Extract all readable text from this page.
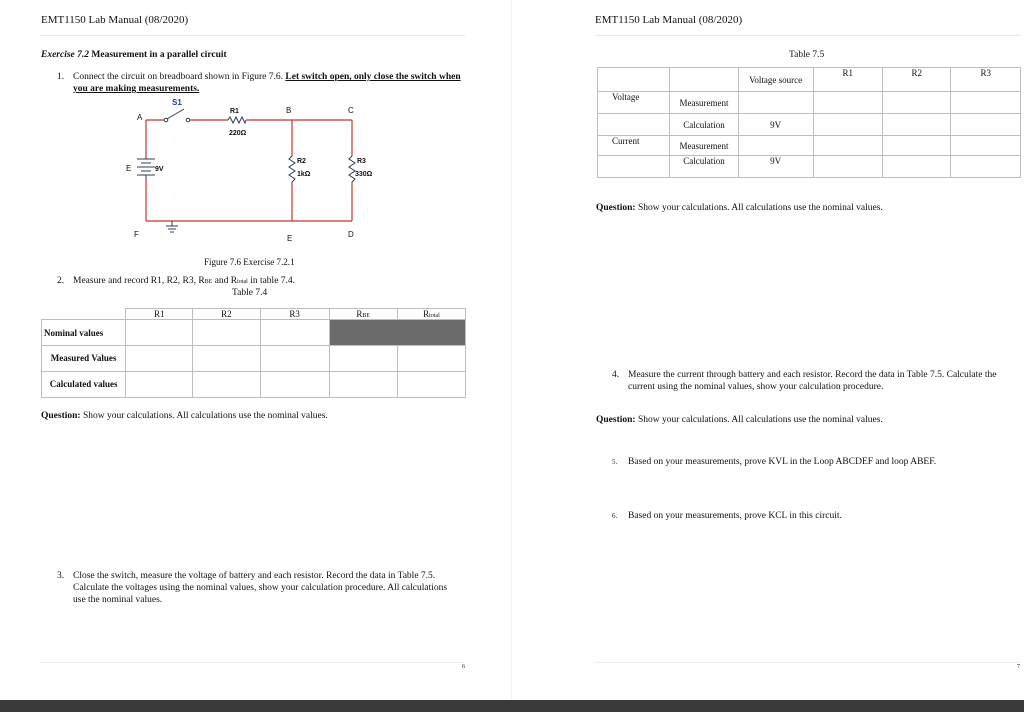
EMT1150 Lab Manual (08/2020)
Exercise 7.2 Measurement in a parallel circuit
1. Connect the circuit on breadboard shown in Figure 7.6. Let switch open, only close the switch when you are making measurements.
S1
A
R1
220Ω
B	C
R2
1kΩ
R3
330Ω
E	9V
F	E	D
Figure 7.6 Exercise 7.2.1
2. Measure and record R1, R2, R3, RBE and Rtotal in table 7.4.
Table 7.4
	R1	R2	R3	RBE	Rtotal
Nominal values					
Measured Values					
Calculated values					
Question: Show your calculations. All calculations use the nominal values.
3. Close the switch, measure the voltage of battery and each resistor. Record the data in Table 7.5. Calculate the voltages using the nominal values, show your calculation procedure. All calculations use the nominal values.
6
EMT1150 Lab Manual (08/2020)
Table 7.5
		Voltage source	R1	R2	R3
Voltage	Measurement				
	Calculation	9V			
Current	Measurement				
	Calculation	9V			
Question: Show your calculations. All calculations use the nominal values.
4. Measure the current through battery and each resistor. Record the data in Table 7.5. Calculate the current using the nominal values, show your calculation procedure.
Question: Show your calculations. All calculations use the nominal values.
5. Based on your measurements, prove KVL in the Loop ABCDEF and loop ABEF.
6. Based on your measurements, prove KCL in this circuit.
7
